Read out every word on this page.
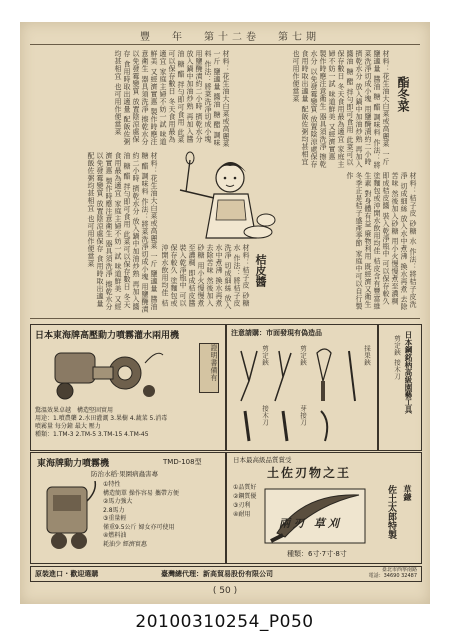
豐 年 第十二卷 第七期
酯冬菜
材料：花生油大白菜或高麗菜 一斤 鹽適量 醬油 糖 醋 調味料 作法：將菜洗淨切成小塊 用鹽醃漬約二小時 擠乾水分 放入鍋中加油炒熟 再加入醬油 糖 醋 拌勻即可食用 此菜可以保存數日 冬天食用最為適宜 家庭主婦不妨一試 味道鮮美 又經濟實惠 製作時應注意衛生 器具須洗淨 擦乾水分 以免發霉變質 放置陰涼處保存 食用時取出適量 配飯佐粥均甚相宜 也可用作便當菜
材料：花生油大白菜或高麗菜 一斤 鹽適量 醬油 糖 醋 調味料 作法：將菜洗淨切成小塊 用鹽醃漬約二小時 擠乾水分 放入鍋中加油炒熟 再加入醬油 糖 醋 拌勻即可食用 此菜可以保存數日 冬天食用最為適宜 家庭主婦不妨一試 味道鮮美 又經濟實惠 製作時應注意衛生 器具須洗淨 擦乾水分 以免發霉變質 放置陰涼處保存 食用時取出適量 配飯佐粥均甚相宜 也可用作便當菜
桔皮醬	材料：桔子皮 砂糖 水 作法：將桔子皮洗淨 切成細絲 放入水中煮沸 換水再煮 去除苦味 然後加入砂糖 用小火慢慢煮至濃稠 即成桔皮醬 裝入乾淨瓶中 可以保存較久 塗麵包或沖開水飲用均佳 桔皮含有豐富維生素 對身體有益 廢物利用 既經濟又衛生 冬季正是桔子盛產季節 家庭中可以自行製作
材料：桔子皮 砂糖 水 作法：將桔子皮洗淨 切成細絲 放入水中煮沸 換水再煮 去除苦味 然後加入砂糖 用小火慢慢煮至濃稠 即成桔皮醬 裝入乾淨瓶中 可以保存較久 塗麵包或沖開水飲用均佳 桔
材料：花生油大白菜或高麗菜 一斤 鹽適量 醬油 糖 醋 調味料 作法：將菜洗淨切成小塊 用鹽醃漬約二小時 擠乾水分 放入鍋中加油炒熟 再加入醬油 糖 醋 拌勻即可食用 此菜可以保存數日 冬天食用最為適宜 家庭主婦不妨一試 味道鮮美 又經濟實惠 製作時應注意衛生 器具須洗淨 擦乾水分 以免發霉變質 放置陰涼處保存 食用時取出適量 配飯佐粥均甚相宜 也可用作便當菜
日本東海牌高壓動力噴霧灌水兩用機
證明書備有
驚溫效果卓越　構造堅固實用
用途：1.噴農藥 2.水田灌溉 3.果樹 4.蔬菜 5.消毒
噴霧量 每分鐘 最大 壓力
種類：1.TM-3 2.TM-5 3.TM-15 4.TM-45
東海牌動力噴霧機	TMD-108型
防治水稻‧果園病蟲害專
①特性
構造簡單 操作容易 攜帶方便
②馬力強大
2.8馬力
③重量輕
僅重9.5公斤 婦女亦可使用
④燃料油
耗油少 經濟實惠
注意請購：市面發現有偽造品
剪定鋏	剪定鋏
接木刀	芽接刀
採果鋏	日本鋼銘柄高級園藝工具
剪定鋏 接木刀
日本最高級品質賞受
土佐刃物之王
①品質好
②鋼質優
③刃利
④耐用
兩刃 草刈
種類：6寸‧7寸‧8寸
草鎌
佐土太郎特製
原裝進口 ‧ 歡迎選購	臺灣總代理：新高貿易股份有限公司	臺北市西寧南路
電話：34690 32487
( 50 )
20100310254_P050
